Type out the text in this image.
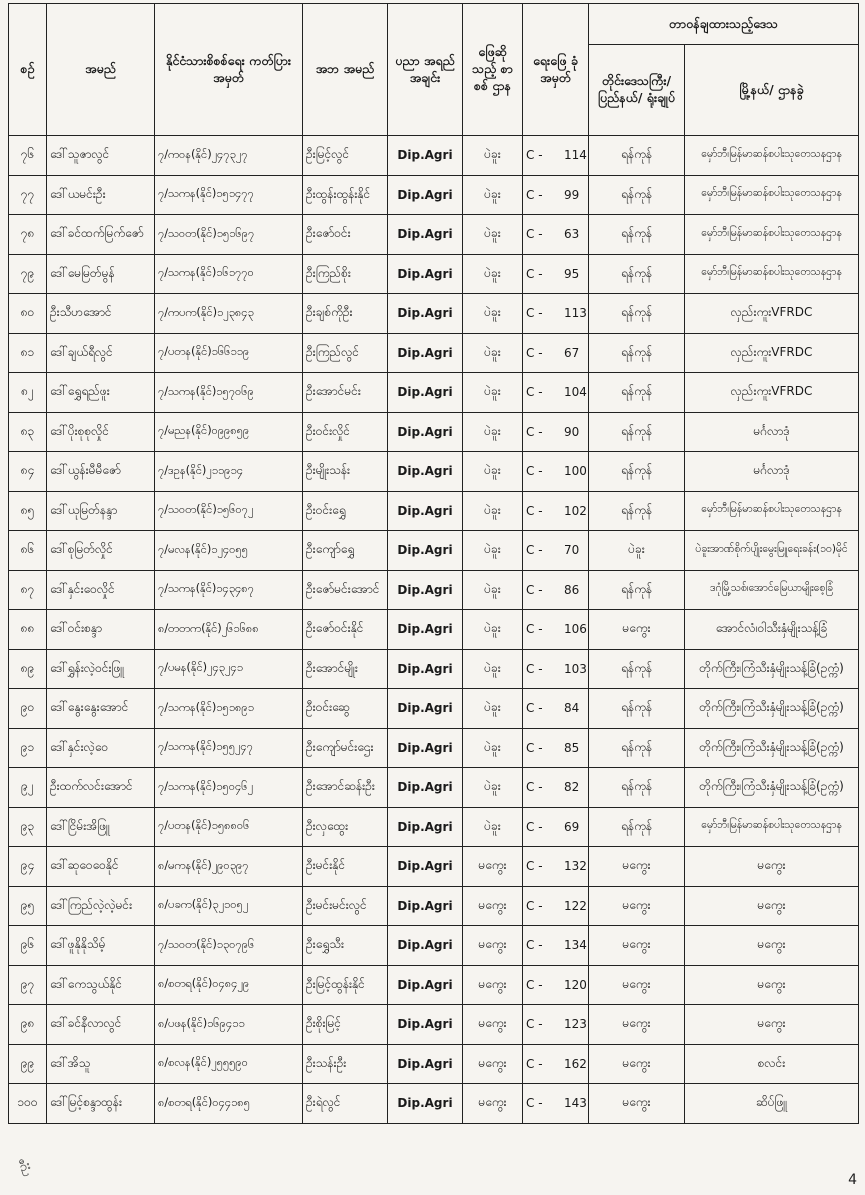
စဉ်	အမည်	နိုင်ငံသားစိစစ်ရေး ကတ်ပြားအမှတ်	အဘ အမည်	ပညာ အရည် အချင်း	ဖြေဆို သည့် စာစစ် ဌာန	ရေးဖြေ ခုံအမှတ်	တာဝန်ချထားသည့်ဒေသ	
							တိုင်းဒေသကြီး/ ပြည်နယ်/ ရုံးချုပ်	မြို့နယ်/ ဌာနခွဲ
၇၆	ဒေါ်သူဇာလွင်	၇/ကဝန(နိုင်)၂၄၇၃၂၇	ဦးမြင့်လွင်	Dip.Agri	ပဲခူး	C - 114	ရန်ကုန်	မှော်ဘီ၊မြန်မာဆန်စပါးသုတေသနဌာန
၇၇	ဒေါ်ယမင်းဦး	၇/သကန(နိုင်)၁၅၁၄၇၇	ဦးထွန်းထွန်းနိုင်	Dip.Agri	ပဲခူး	C - 99	ရန်ကုန်	မှော်ဘီ၊မြန်မာဆန်စပါးသုတေသနဌာန
၇၈	ဒေါ်ခင်ထက်မြက်ဇော်	၇/သဝတ(နိုင်)၁၅၁၆၉၇	ဦးဇော်ဝင်း	Dip.Agri	ပဲခူး	C - 63	ရန်ကုန်	မှော်ဘီ၊မြန်မာဆန်စပါးသုတေသနဌာန
၇၉	ဒေါ်မေမြတ်မွန်	၇/သကန(နိုင်)၁၆၁၇၇၀	ဦးကြည်စိုး	Dip.Agri	ပဲခူး	C - 95	ရန်ကုန်	မှော်ဘီ၊မြန်မာဆန်စပါးသုတေသနဌာန
၈၀	ဦးသီဟအောင်	၇/ကပက(နိုင်)၁၂၃၈၄၃	ဦးချစ်ကိုဦး	Dip.Agri	ပဲခူး	C - 113	ရန်ကုန်	လှည်းကူးVFRDC
၈၁	ဒေါ်ချယ်ရီလွင်	၇/ပတန(နိုင်)၁၆၆၁၁၉	ဦးကြည်လွင်	Dip.Agri	ပဲခူး	C - 67	ရန်ကုန်	လှည်းကူးVFRDC
၈၂	ဒေါ်ရွှေရည်ဖူး	၇/သကန(နိုင်)၁၅၇၀၆၉	ဦးအောင်မင်း	Dip.Agri	ပဲခူး	C - 104	ရန်ကုန်	လှည်းကူးVFRDC
၈၃	ဒေါ်ပိုးစုစုလှိုင်	၇/မညန(နိုင်)၀၉၉၈၅၉	ဦးဝင်းလှိုင်	Dip.Agri	ပဲခူး	C - 90	ရန်ကုန်	မင်္ဂလာဒုံ
၈၄	ဒေါ်ယွန်းမီမီဇော်	၇/ဒဥန(နိုင်)၂၁၁၉၁၄	ဦးမျိုးသန်း	Dip.Agri	ပဲခူး	C - 100	ရန်ကုန်	မင်္ဂလာဒုံ
၈၅	ဒေါ်ယုမြတ်နန္ဒာ	၇/သဝတ(နိုင်)၁၅၆၀၇၂	ဦးဝင်းရွှေ	Dip.Agri	ပဲခူး	C - 102	ရန်ကုန်	မှော်ဘီ၊မြန်မာဆန်စပါးသုတေသနဌာန
၈၆	ဒေါ်စုမြတ်လှိုင်	၇/မလန(နိုင်)၁၂၄၀၅၅	ဦးကျော်ရွှေ	Dip.Agri	ပဲခူး	C - 70	ပဲခူး	ပဲခူးအာဏ်စိုက်ပျိုးမွေးမြူရေးခန်း(၁၀)မိုင်
၈၇	ဒေါ်နှင်းဝေလှိုင်	၇/သကန(နိုင်)၁၄၃၄၈၇	ဦးဇော်မင်းအောင်	Dip.Agri	ပဲခူး	C - 86	ရန်ကုန်	ဒဂုံမြို့သစ်၊အောင်မြေယာမျိုးစေ့ခြံ
၈၈	ဒေါ်ဝင်းစန္ဒာ	၈/တတက(နိုင်)၂၆၁၆၈၈	ဦးဇော်ဝင်းနိုင်	Dip.Agri	ပဲခူး	C - 106	မကွေး	အောင်လံ၊ဝါသီးနှံမျိုးသန့်ခြံ
၈၉	ဒေါ်ရွှန်းလဲ့ဝင်းဖြူ	၇/ပမန(နိုင်)၂၄၃၂၄၁	ဦးအောင်မျိုး	Dip.Agri	ပဲခူး	C - 103	ရန်ကုန်	တိုက်ကြီး၊ကြံသီးနှံမျိုးသန့်ခြံ(ဥက္ကံ)
၉၀	ဒေါ်နွေးနွေးအောင်	၇/သကန(နိုင်)၁၅၁၈၉၁	ဦးဝင်းဆွေ	Dip.Agri	ပဲခူး	C - 84	ရန်ကုန်	တိုက်ကြီး၊ကြံသီးနှံမျိုးသန့်ခြံ(ဥက္ကံ)
၉၁	ဒေါ်နှင်းလဲ့ဝေ	၇/သကန(နိုင်)၁၅၅၂၄၇	ဦးကျော်မင်းဌေး	Dip.Agri	ပဲခူး	C - 85	ရန်ကုန်	တိုက်ကြီး၊ကြံသီးနှံမျိုးသန့်ခြံ(ဥက္ကံ)
၉၂	ဦးထက်လင်းအောင်	၇/သကန(နိုင်)၁၅၀၄၆၂	ဦးအောင်ဆန်းဦး	Dip.Agri	ပဲခူး	C - 82	ရန်ကုန်	တိုက်ကြီး၊ကြံသီးနှံမျိုးသန့်ခြံ(ဥက္ကံ)
၉၃	ဒေါ်ငြိမ်းအိဖြူ	၇/ပတန(နိုင်)၁၅၈၈၀၆	ဦးလှထွေး	Dip.Agri	ပဲခူး	C - 69	ရန်ကုန်	မှော်ဘီ၊မြန်မာဆန်စပါးသုတေသနဌာန
၉၄	ဒေါ်ဆုဝေဝေနိုင်	၈/မကန(နိုင်)၂၉၀၃၉၇	ဦးမင်းနိုင်	Dip.Agri	မကွေး	C - 132	မကွေး	မကွေး
၉၅	ဒေါ်ကြည်လဲ့လဲ့မင်း	၈/ပခက(နိုင်)၃၂၁၀၅၂	ဦးမင်းမင်းလွင်	Dip.Agri	မကွေး	C - 122	မကွေး	မကွေး
၉၆	ဒေါ်ဖူနိုနိုသိမ့်	၇/သဝတ(နိုင်)၁၃၀၇၉၆	ဦးရွှေသီး	Dip.Agri	မကွေး	C - 134	မကွေး	မကွေး
၉၇	ဒေါ်ကေသွယ်နိုင်	၈/စတရ(နိုင်)၀၄၈၄၂၉	ဦးမြင့်ထွန်းနိုင်	Dip.Agri	မကွေး	C - 120	မကွေး	မကွေး
၉၈	ဒေါ်ခင်နီလာလွင်	၈/ပဖန(နိုင်)၁၆၉၄၁၁	ဦးစိုးမြင့်	Dip.Agri	မကွေး	C - 123	မကွေး	မကွေး
၉၉	ဒေါ်အိသူ	၈/စလန(နိုင်)၂၅၅၅၉၀	ဦးသန်းဦး	Dip.Agri	မကွေး	C - 162	မကွေး	စလင်း
၁၀၀	ဒေါ်မြင့်စန္ဒာထွန်း	၈/စတရ(နိုင်)၀၄၄၁၈၅	ဦးရဲလွင်	Dip.Agri	မကွေး	C - 143	မကွေး	ဆိပ်ဖြူ
ဦး
4
